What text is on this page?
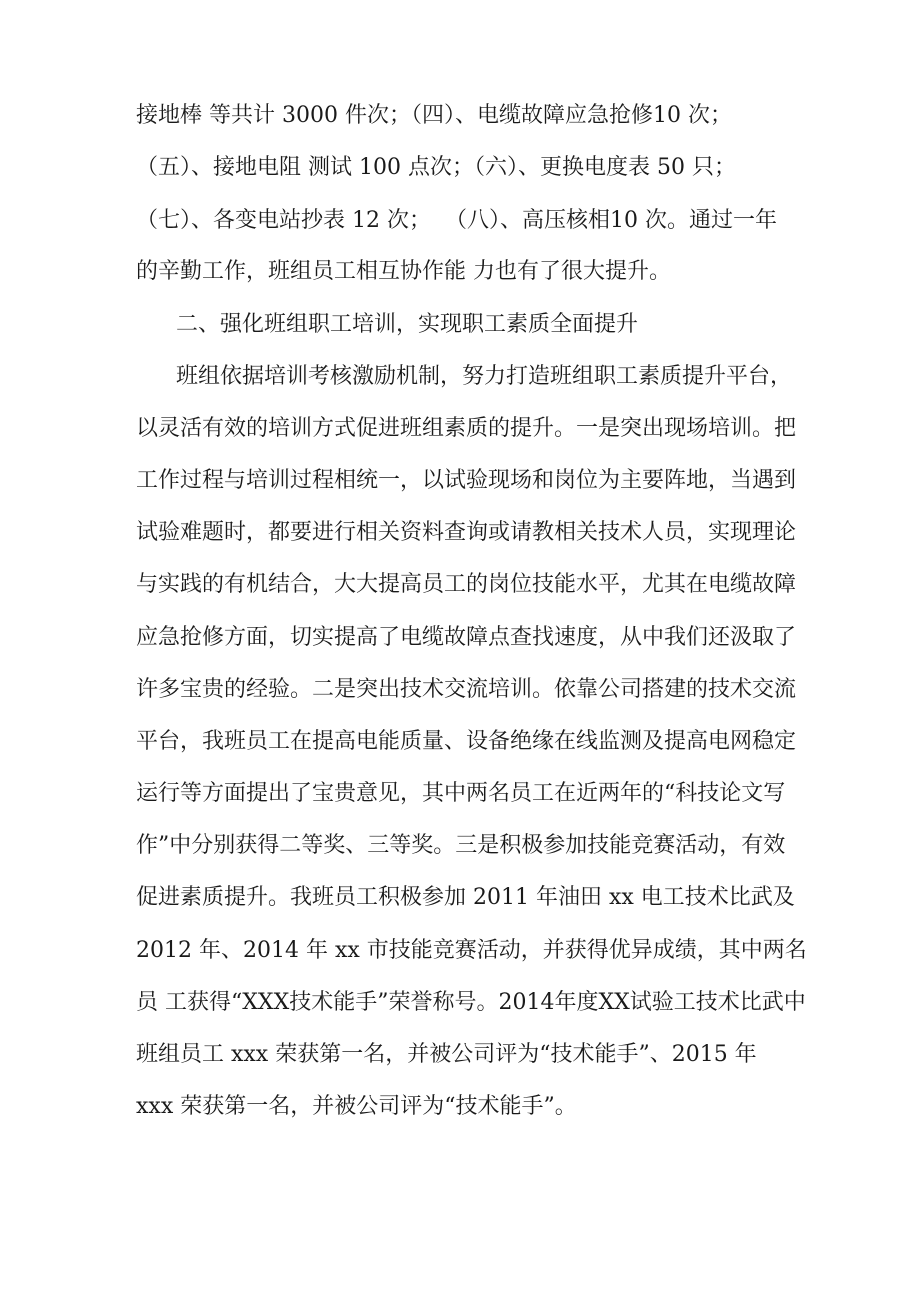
接地棒 等共计 3000 件次；（四）、电缆故障应急抢修10 次；
（五）、接地电阻 测试 100 点次；（六）、更换电度表 50 只；
（七）、各变电站抄表 12 次；  （八）、高压核相10 次。通过一年
的辛勤工作，班组员工相互协作能 力也有了很大提升。
二、强化班组职工培训，实现职工素质全面提升
班组依据培训考核激励机制，努力打造班组职工素质提升平台，
以灵活有效的培训方式促进班组素质的提升。一是突出现场培训。把
工作过程与培训过程相统一，以试验现场和岗位为主要阵地，当遇到
试验难题时，都要进行相关资料查询或请教相关技术人员，实现理论
与实践的有机结合，大大提高员工的岗位技能水平，尤其在电缆故障
应急抢修方面，切实提高了电缆故障点查找速度，从中我们还汲取了
许多宝贵的经验。二是突出技术交流培训。依靠公司搭建的技术交流
平台，我班员工在提高电能质量、设备绝缘在线监测及提高电网稳定
运行等方面提出了宝贵意见，其中两名员工在近两年的“科技论文写
作”中分别获得二等奖、三等奖。三是积极参加技能竞赛活动，有效
促进素质提升。我班员工积极参加 2011 年油田 xx 电工技术比武及
2012 年、2014 年 xx 市技能竞赛活动，并获得优异成绩，其中两名
员 工获得“XXX技术能手”荣誉称号。2014年度XX试验工技术比武中
班组员工 xxx 荣获第一名，并被公司评为“技术能手”、2015 年
xxx 荣获第一名，并被公司评为“技术能手”。
